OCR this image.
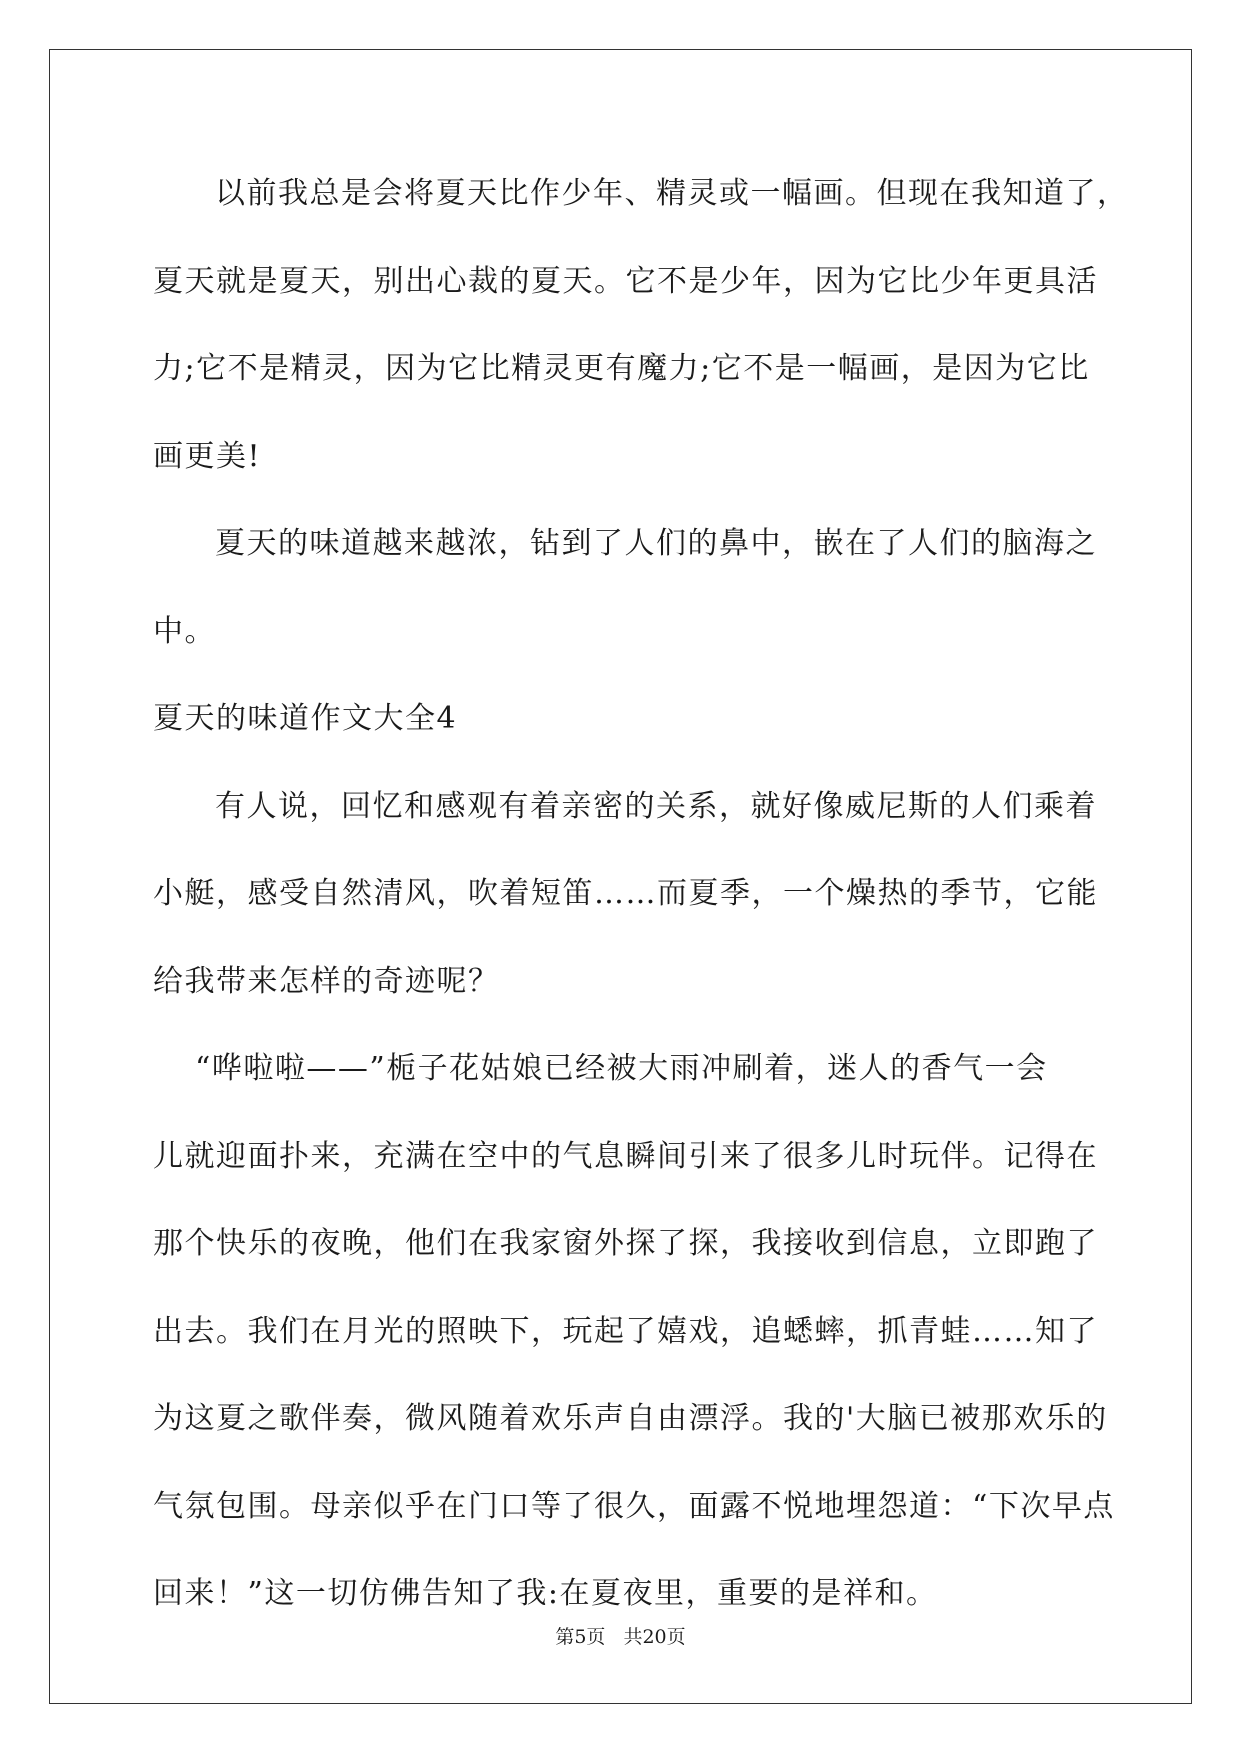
以前我总是会将夏天比作少年、精灵或一幅画。但现在我知道了，
夏天就是夏天，别出心裁的夏天。它不是少年，因为它比少年更具活
力;它不是精灵，因为它比精灵更有魔力;它不是一幅画，是因为它比
画更美!
夏天的味道越来越浓，钻到了人们的鼻中，嵌在了人们的脑海之
中。
夏天的味道作文大全4
有人说，回忆和感观有着亲密的关系，就好像威尼斯的人们乘着
小艇，感受自然清风，吹着短笛……而夏季，一个燥热的季节，它能
给我带来怎样的奇迹呢？
“哗啦啦——”栀子花姑娘已经被大雨冲刷着，迷人的香气一会
儿就迎面扑来，充满在空中的气息瞬间引来了很多儿时玩伴。记得在
那个快乐的夜晚，他们在我家窗外探了探，我接收到信息，立即跑了
出去。我们在月光的照映下，玩起了嬉戏，追蟋蟀，抓青蛙……知了
为这夏之歌伴奏，微风随着欢乐声自由漂浮。我的'大脑已被那欢乐的
气氛包围。母亲似乎在门口等了很久，面露不悦地埋怨道：“下次早点
回来！”这一切仿佛告知了我:在夏夜里，重要的是祥和。
第5页 共20页
